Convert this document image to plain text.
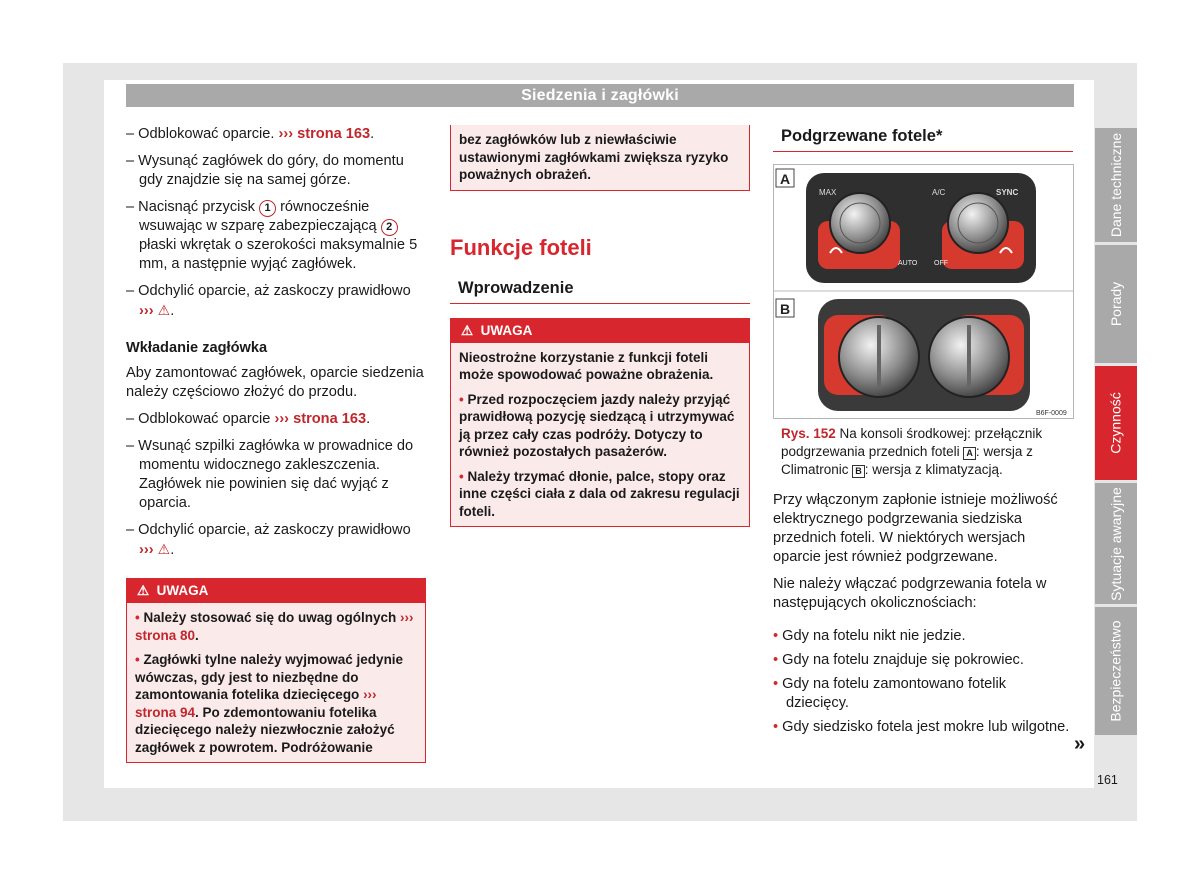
Siedzenia i zagłówki
– Odblokować oparcie. ››› strona 163.
– Wysunąć zagłówek do góry, do momentu gdy znajdzie się na samej górze.
– Nacisnąć przycisk 1 równocześnie wsuwając w szparę zabezpieczającą 2 płaski wkrętak o szerokości maksymalnie 5 mm, a następnie wyjąć zagłówek.
– Odchylić oparcie, aż zaskoczy prawidłowo ››› ⚠.
Wkładanie zagłówka
Aby zamontować zagłówek, oparcie siedzenia należy częściowo złożyć do przodu.
– Odblokować oparcie ››› strona 163.
– Wsunąć szpilki zagłówka w prowadnice do momentu widocznego zakleszczenia. Zagłówek nie powinien się dać wyjąć z oparcia.
– Odchylić oparcie, aż zaskoczy prawidłowo ››› ⚠.
⚠ UWAGA

• Należy stosować się do uwag ogólnych ››› strona 80.

• Zagłówki tylne należy wyjmować jedynie wówczas, gdy jest to niezbędne do zamontowania fotelika dziecięcego ››› strona 94. Po zdemontowaniu fotelika dziecięcego należy niezwłocznie założyć zagłówek z powrotem. Podróżowanie

bez zagłówków lub z niewłaściwie ustawionymi zagłówkami zwiększa ryzyko poważnych obrażeń.
Funkcje foteli
Wprowadzenie
⚠ UWAGA

Nieostrożne korzystanie z funkcji foteli może spowodować poważne obrażenia.

• Przed rozpoczęciem jazdy należy przyjąć prawidłową pozycję siedzącą i utrzymywać ją przez cały czas podróży. Dotyczy to również pozostałych pasażerów.

• Należy trzymać dłonie, palce, stopy oraz inne części ciała z dala od zakresu regulacji foteli.

Podgrzewane fotele*
MAX	A/C	SYNC
AUTO OFF
A
B
B6F-0009
Rys. 152 Na konsoli środkowej: przełącznik podgrzewania przednich foteli A : wersja z Climatronic B : wersja z klimatyzacją.
Przy włączonym zapłonie istnieje możliwość elektrycznego podgrzewania siedziska przednich foteli. W niektórych wersjach oparcie jest również podgrzewane.
Nie należy włączać podgrzewania fotela w następujących okolicznościach:
• Gdy na fotelu nikt nie jedzie.
• Gdy na fotelu znajduje się pokrowiec.
• Gdy na fotelu zamontowano fotelik dziecięcy.
• Gdy siedzisko fotela jest mokre lub wilgotne.
»
Dane techniczne
Porady
Czynność
Sytuacje awaryjne
Bezpieczeństwo
161
